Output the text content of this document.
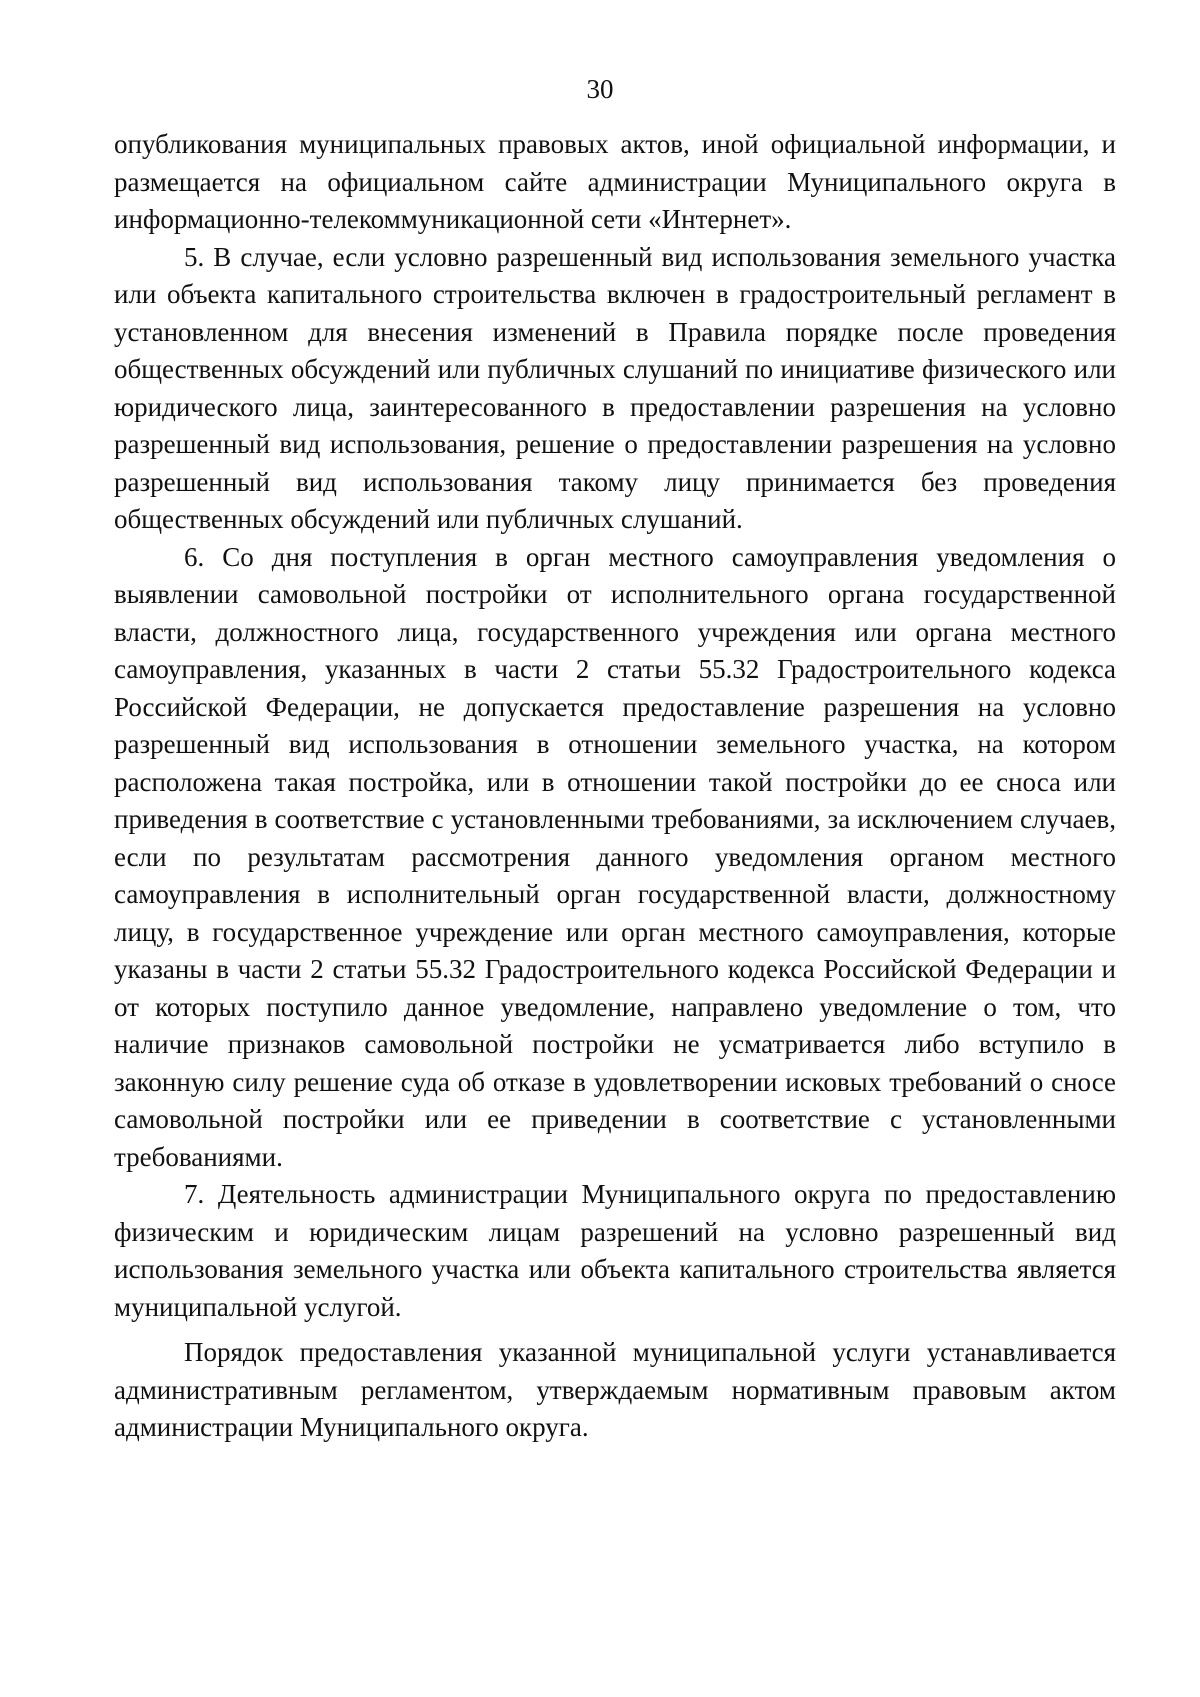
30

опубликования муниципальных правовых актов, иной официальной информации, и размещается на официальном сайте администрации Муниципального округа в информационно-телекоммуникационной сети «Интернет».

5. В случае, если условно разрешенный вид использования земельного участка или объекта капитального строительства включен в градостроительный регламент в установленном для внесения изменений в Правила порядке после проведения общественных обсуждений или публичных слушаний по инициативе физического или юридического лица, заинтересованного в предоставлении разрешения на условно разрешенный вид использования, решение о предоставлении разрешения на условно разрешенный вид использования такому лицу принимается без проведения общественных обсуждений или публичных слушаний.

6. Со дня поступления в орган местного самоуправления уведомления о выявлении самовольной постройки от исполнительного органа государственной власти, должностного лица, государственного учреждения или органа местного самоуправления, указанных в части 2 статьи 55.32 Градостроительного кодекса Российской Федерации, не допускается предоставление разрешения на условно разрешенный вид использования в отношении земельного участка, на котором расположена такая постройка, или в отношении такой постройки до ее сноса или приведения в соответствие с установленными требованиями, за исключением случаев, если по результатам рассмотрения данного уведомления органом местного самоуправления в исполнительный орган государственной власти, должностному лицу, в государственное учреждение или орган местного самоуправления, которые указаны в части 2 статьи 55.32 Градостроительного кодекса Российской Федерации и от которых поступило данное уведомление, направлено уведомление о том, что наличие признаков самовольной постройки не усматривается либо вступило в законную силу решение суда об отказе в удовлетворении исковых требований о сносе самовольной постройки или ее приведении в соответствие с установленными требованиями.

7. Деятельность администрации Муниципального округа по предоставлению физическим и юридическим лицам разрешений на условно разрешенный вид использования земельного участка или объекта капитального строительства является муниципальной услугой.

Порядок предоставления указанной муниципальной услуги устанавливается административным регламентом, утверждаемым нормативным правовым актом администрации Муниципального округа.
